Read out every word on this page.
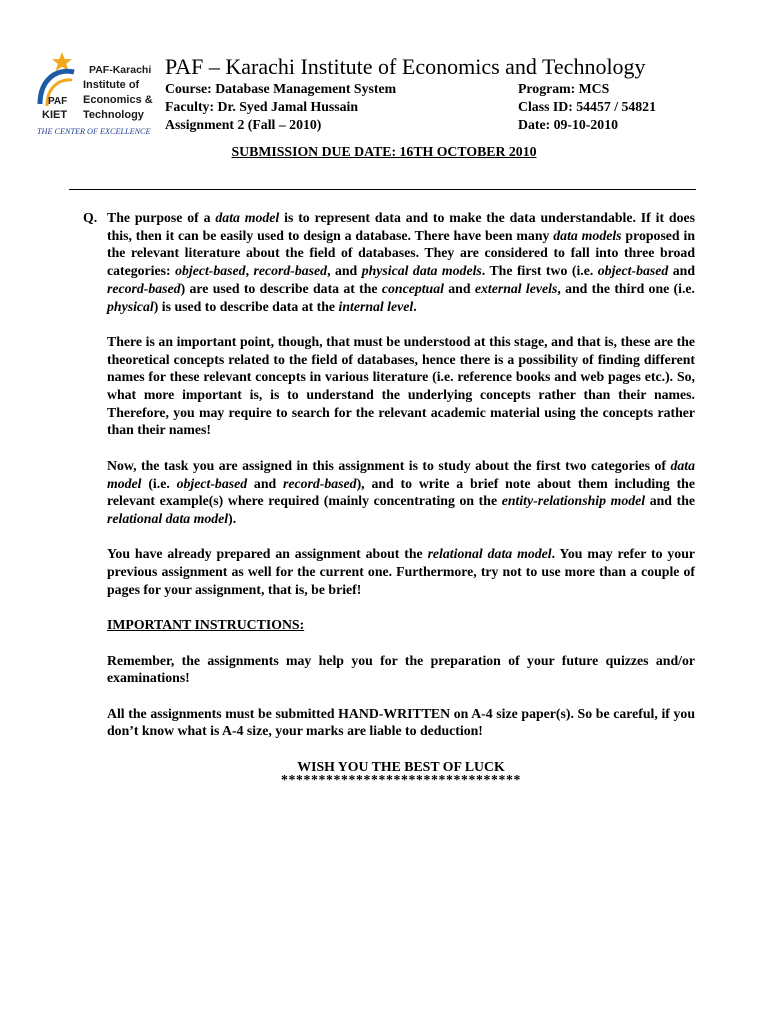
PAF-Karachi
Institute of
Economics &
Technology
PAF
KIET
THE CENTER OF EXCELLENCE
PAF – Karachi Institute of Economics and Technology
Course: Database Management System
Faculty: Dr. Syed Jamal Hussain
Assignment 2 (Fall – 2010)
Program: MCS
Class ID: 54457 / 54821
Date: 09-10-2010
SUBMISSION DUE DATE: 16TH OCTOBER 2010
Q. The purpose of a data model is to represent data and to make the data understandable. If it does this, then it can be easily used to design a database. There have been many data models proposed in the relevant literature about the field of databases. They are considered to fall into three broad categories: object-based, record-based, and physical data models. The first two (i.e. object-based and record-based) are used to describe data at the conceptual and external levels, and the third one (i.e. physical) is used to describe data at the internal level.

There is an important point, though, that must be understood at this stage, and that is, these are the theoretical concepts related to the field of databases, hence there is a possibility of finding different names for these relevant concepts in various literature (i.e. reference books and web pages etc.). So, what more important is, is to understand the underlying concepts rather than their names. Therefore, you may require to search for the relevant academic material using the concepts rather than their names!

Now, the task you are assigned in this assignment is to study about the first two categories of data model (i.e. object-based and record-based), and to write a brief note about them including the relevant example(s) where required (mainly concentrating on the entity-relationship model and the relational data model).

You have already prepared an assignment about the relational data model. You may refer to your previous assignment as well for the current one. Furthermore, try not to use more than a couple of pages for your assignment, that is, be brief!

IMPORTANT INSTRUCTIONS:

Remember, the assignments may help you for the preparation of your future quizzes and/or examinations!

All the assignments must be submitted HAND-WRITTEN on A-4 size paper(s). So be careful, if you don’t know what is A-4 size, your marks are liable to deduction!

WISH YOU THE BEST OF LUCK

********************************
